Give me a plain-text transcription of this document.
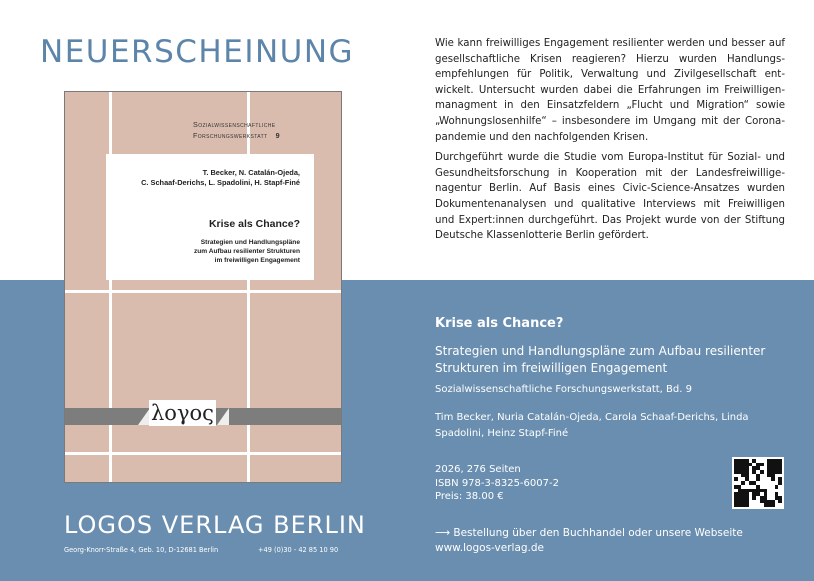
NEUERSCHEINUNG	Wie kann freiwilliges Engagement resilienter werden und besser auf gesellschaftliche Krisen reagieren? Hierzu wurden Handlungsempfehlungen für Politik, Verwaltung und Zivilgesellschaft entwickelt. Untersucht wurden dabei die Erfahrungen im Freiwilligenmanagment in den Einsatzfeldern „Flucht und Migration“ sowie „Wohnungslosenhilfe“ – insbesondere im Umgang mit der Coronapandemie und den nachfolgenden Krisen.

Durchgeführt wurde die Studie vom Europa-Institut für Sozial- und Gesundheitsforschung in Kooperation mit der Landesfreiwilligenagentur Berlin. Auf Basis eines Civic-Science-Ansatzes wurden Dokumentenanalysen und qualitative Interviews mit Freiwilligen und Expert:innen durchgeführt. Das Projekt wurde von der Stiftung Deutsche Klassenlotterie Berlin gefördert.

Sozialwissenschaftliche
Forschungswerkstatt 9
T. Becker, N. Catalán-Ojeda,
C. Schaaf-Derichs, L. Spadolini, H. Stapf-Finé
Krise als Chance?
Strategien und Handlungspläne
zum Aufbau resilienter Strukturen
im freiwilligen Engagement
λογος
LOGOS VERLAG BERLIN
Georg-Knorr-Straße 4, Geb. 10, D-12681 Berlin	+49 (0)30 - 42 85 10 90
Krise als Chance?
Strategien und Handlungspläne zum Aufbau resilienter Strukturen im freiwilligen Engagement
Sozialwissenschaftliche Forschungswerkstatt, Bd. 9
Tim Becker, Nuria Catalán-Ojeda, Carola Schaaf-Derichs, Linda Spadolini, Heinz Stapf-Finé
2026, 276 Seiten
ISBN 978-3-8325-6007-2
Preis: 38.00 €
⟶ Bestellung über den Buchhandel oder unsere Webseite
www.logos-verlag.de
